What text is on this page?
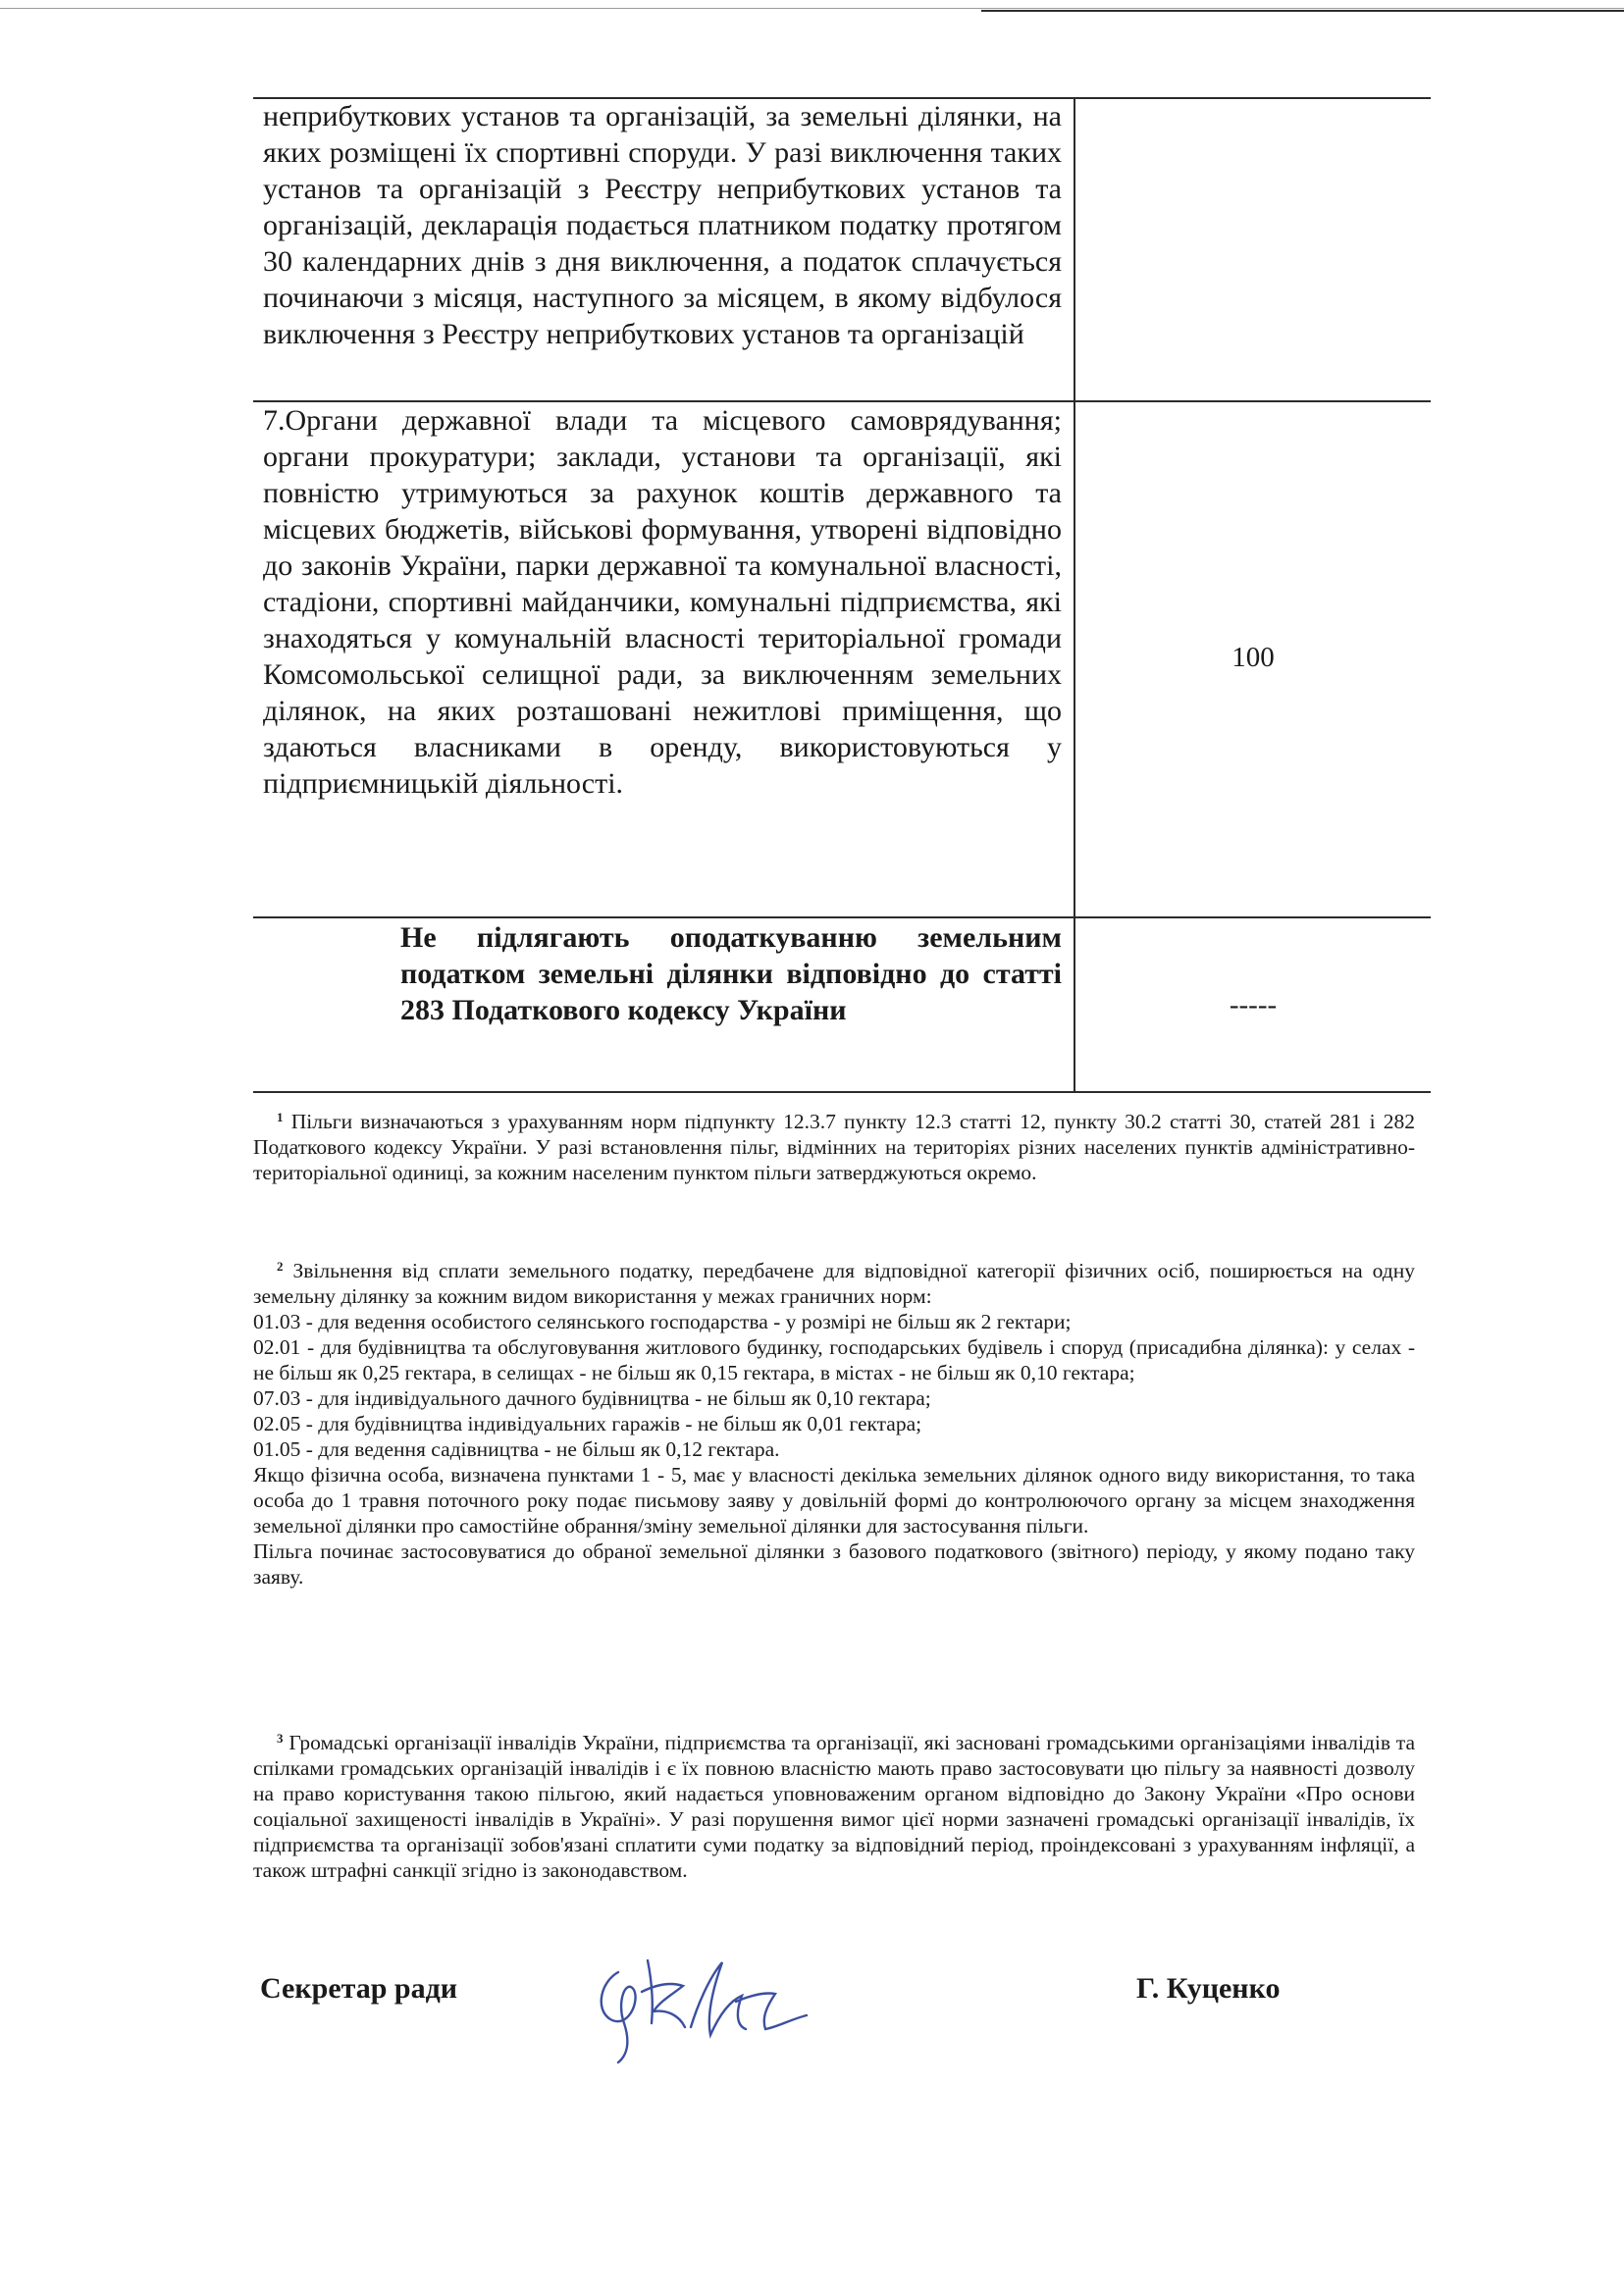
неприбуткових установ та організацій, за земельні ділянки, на яких розміщені їх спортивні споруди. У разі виключення таких установ та організацій з Реєстру неприбуткових установ та організацій, декларація подається платником податку протягом 30 календарних днів з дня виключення, а податок сплачується починаючи з місяця, наступного за місяцем, в якому відбулося виключення з Реєстру неприбуткових установ та організацій
7.Органи державної влади та місцевого самоврядування; органи прокуратури; заклади, установи та організації, які повністю утримуються за рахунок коштів державного та місцевих бюджетів, військові формування, утворені відповідно до законів України, парки державної та комунальної власності, стадіони, спортивні майданчики, комунальні підприємства, які знаходяться у комунальній власності територіальної громади Комсомольської селищної ради, за виключенням земельних ділянок, на яких розташовані нежитлові приміщення, що здаються власниками в оренду, використовуються у підприємницькій діяльності.
100
Не підлягають оподаткуванню земельним податком земельні ділянки відповідно до статті 283 Податкового кодексу України	-----

$^1$ Пільги визначаються з урахуванням норм підпункту 12.3.7 пункту 12.3 статті 12, пункту 30.2 статті 30, статей 281 і 282 Податкового кодексу України. У разі встановлення пільг, відмінних на територіях різних населених пунктів адміністративно-територіальної одиниці, за кожним населеним пунктом пільги затверджуються окремо.

$^2$ Звільнення від сплати земельного податку, передбачене для відповідної категорії фізичних осіб, поширюється на одну земельну ділянку за кожним видом використання у межах граничних норм:

01.03 - для ведення особистого селянського господарства - у розмірі не більш як 2 гектари;

02.01 - для будівництва та обслуговування житлового будинку, господарських будівель і споруд (присадибна ділянка): у селах - не більш як 0,25 гектара, в селищах - не більш як 0,15 гектара, в містах - не більш як 0,10 гектара;

07.03 - для індивідуального дачного будівництва - не більш як 0,10 гектара;

02.05 - для будівництва індивідуальних гаражів - не більш як 0,01 гектара;

01.05 - для ведення садівництва - не більш як 0,12 гектара.

Якщо фізична особа, визначена пунктами 1 - 5, має у власності декілька земельних ділянок одного виду використання, то така особа до 1 травня поточного року подає письмову заяву у довільній формі до контролюючого органу за місцем знаходження земельної ділянки про самостійне обрання/зміну земельної ділянки для застосування пільги.

Пільга починає застосовуватися до обраної земельної ділянки з базового податкового (звітного) періоду, у якому подано таку заяву.

$^3$ Громадські організації інвалідів України, підприємства та організації, які засновані громадськими організаціями інвалідів та спілками громадських організацій інвалідів і є їх повною власністю мають право застосовувати цю пільгу за наявності дозволу на право користування такою пільгою, який надається уповноваженим органом відповідно до Закону України «Про основи соціальної захищеності інвалідів в Україні». У разі порушення вимог цієї норми зазначені громадські організації інвалідів, їх підприємства та організації зобов'язані сплатити суми податку за відповідний період, проіндексовані з урахуванням інфляції, а також штрафні санкції згідно із законодавством.

Секретар ради	Г. Куценко
